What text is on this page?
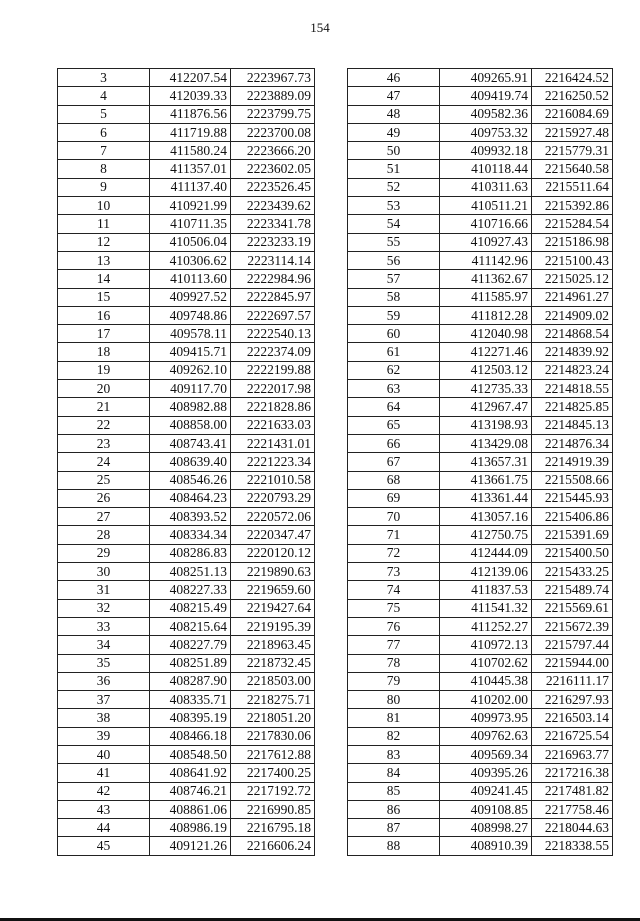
154
3	412207.54	2223967.73
4	412039.33	2223889.09
5	411876.56	2223799.75
6	411719.88	2223700.08
7	411580.24	2223666.20
8	411357.01	2223602.05
9	411137.40	2223526.45
10	410921.99	2223439.62
11	410711.35	2223341.78
12	410506.04	2223233.19
13	410306.62	2223114.14
14	410113.60	2222984.96
15	409927.52	2222845.97
16	409748.86	2222697.57
17	409578.11	2222540.13
18	409415.71	2222374.09
19	409262.10	2222199.88
20	409117.70	2222017.98
21	408982.88	2221828.86
22	408858.00	2221633.03
23	408743.41	2221431.01
24	408639.40	2221223.34
25	408546.26	2221010.58
26	408464.23	2220793.29
27	408393.52	2220572.06
28	408334.34	2220347.47
29	408286.83	2220120.12
30	408251.13	2219890.63
31	408227.33	2219659.60
32	408215.49	2219427.64
33	408215.64	2219195.39
34	408227.79	2218963.45
35	408251.89	2218732.45
36	408287.90	2218503.00
37	408335.71	2218275.71
38	408395.19	2218051.20
39	408466.18	2217830.06
40	408548.50	2217612.88
41	408641.92	2217400.25
42	408746.21	2217192.72
43	408861.06	2216990.85
44	408986.19	2216795.18
45	409121.26	2216606.24
46	409265.91	2216424.52
47	409419.74	2216250.52
48	409582.36	2216084.69
49	409753.32	2215927.48
50	409932.18	2215779.31
51	410118.44	2215640.58
52	410311.63	2215511.64
53	410511.21	2215392.86
54	410716.66	2215284.54
55	410927.43	2215186.98
56	411142.96	2215100.43
57	411362.67	2215025.12
58	411585.97	2214961.27
59	411812.28	2214909.02
60	412040.98	2214868.54
61	412271.46	2214839.92
62	412503.12	2214823.24
63	412735.33	2214818.55
64	412967.47	2214825.85
65	413198.93	2214845.13
66	413429.08	2214876.34
67	413657.31	2214919.39
68	413661.75	2215508.66
69	413361.44	2215445.93
70	413057.16	2215406.86
71	412750.75	2215391.69
72	412444.09	2215400.50
73	412139.06	2215433.25
74	411837.53	2215489.74
75	411541.32	2215569.61
76	411252.27	2215672.39
77	410972.13	2215797.44
78	410702.62	2215944.00
79	410445.38	2216111.17
80	410202.00	2216297.93
81	409973.95	2216503.14
82	409762.63	2216725.54
83	409569.34	2216963.77
84	409395.26	2217216.38
85	409241.45	2217481.82
86	409108.85	2217758.46
87	408998.27	2218044.63
88	408910.39	2218338.55
